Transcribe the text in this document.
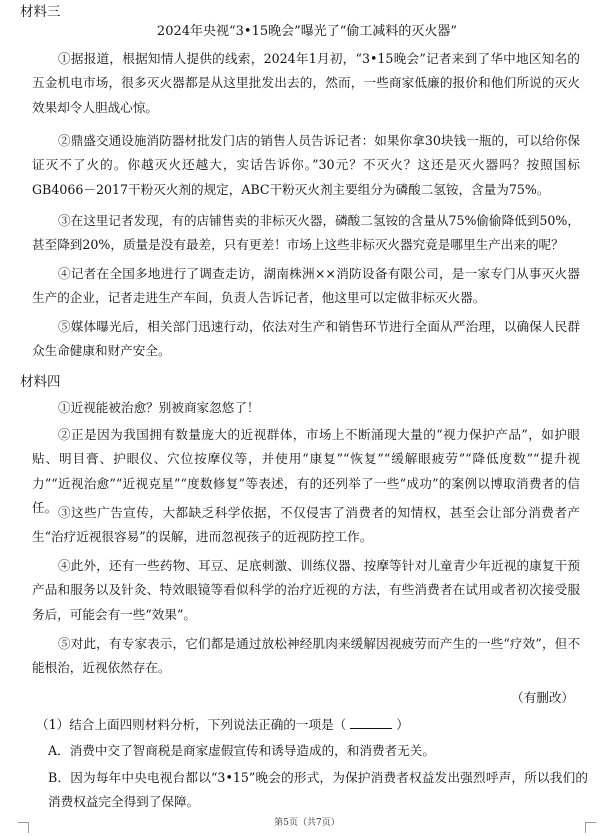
材料三
2024年央视“3•15晚会”曝光了“偷工减料的灭火器”
①据报道，根据知情人提供的线索，2024年1月初，“3•15晚会”记者来到了华中地区知名的五金机电市场，很多灭火器都是从这里批发出去的，然而，一些商家低廉的报价和他们所说的灭火效果却令人胆战心惊。
②鼎盛交通设施消防器材批发门店的销售人员告诉记者：如果你拿30块钱一瓶的，可以给你保证灭不了火的。你越灭火还越大，实话告诉你。”30元？不灭火？这还是灭火器吗？按照国标GB4066－2017干粉灭火剂的规定，ABC干粉灭火剂主要组分为磷酸二氢铵，含量为75%。
③在这里记者发现，有的店铺售卖的非标灭火器，磷酸二氢铵的含量从75%偷偷降低到50%，甚至降到20%，质量是没有最差，只有更差！市场上这些非标灭火器究竟是哪里生产出来的呢？
④记者在全国多地进行了调查走访，湖南株洲××消防设备有限公司，是一家专门从事灭火器生产的企业，记者走进生产车间，负责人告诉记者，他这里可以定做非标灭火器。
⑤媒体曝光后，相关部门迅速行动，依法对生产和销售环节进行全面从严治理，以确保人民群众生命健康和财产安全。
材料四
①近视能被治愈？别被商家忽悠了！
②正是因为我国拥有数量庞大的近视群体，市场上不断涌现大量的“视力保护产品”，如护眼贴、明目膏、护眼仪、穴位按摩仪等，并使用“康复”“恢复”“缓解眼疲劳”“降低度数”“提升视力”“近视治愈”“近视克星”“度数修复”等表述，有的还列举了一些“成功”的案例以博取消费者的信任。 ③这些广告宣传，大都缺乏科学依据，不仅侵害了消费者的知情权，甚至会让部分消费者产生“治疗近视很容易”的误解，进而忽视孩子的近视防控工作。
④此外，还有一些药物、耳豆、足底刺激、训练仪器、按摩等针对儿童青少年近视的康复干预产品和服务以及针灸、特效眼镜等看似科学的治疗近视的方法，有些消费者在试用或者初次接受服务后，可能会有一些“效果”。
⑤对此，有专家表示，它们都是通过放松神经肌肉来缓解因视疲劳而产生的一些“疗效”，但不能根治，近视依然存在。
（有删改）
（1）结合上面四则材料分析，下列说法正确的一项是（	）
A．消费中交了智商税是商家虚假宣传和诱导造成的，和消费者无关。
B．因为每年中央电视台都以“3•15”晚会的形式，为保护消费者权益发出强烈呼声，所以我们的消费权益完全得到了保障。
第5页（共7页）
